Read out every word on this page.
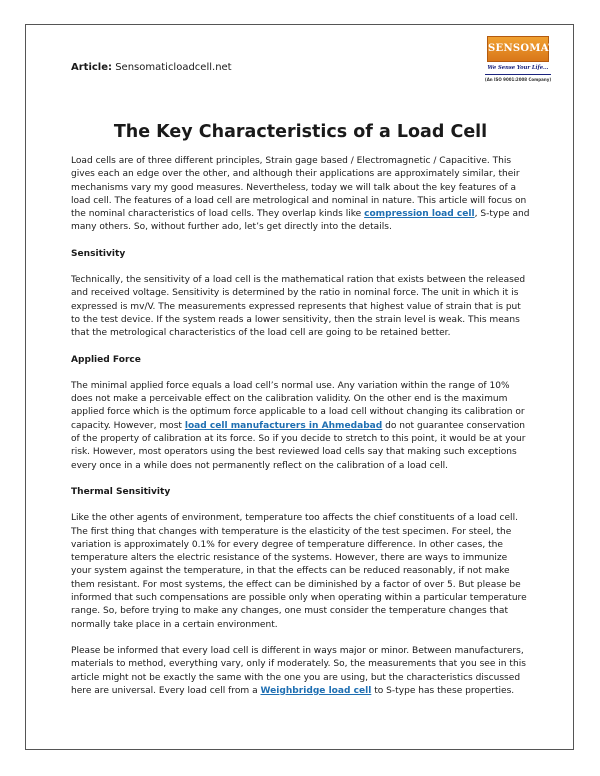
Article: Sensomaticloadcell.net
SENSOMATIC
We Sense Your Life...
(An ISO 9001:2008 Company)
The Key Characteristics of a Load Cell

Load cells are of three different principles, Strain gage based / Electromagnetic / Capacitive. This gives each an edge over the other, and although their applications are approximately similar, their mechanisms vary my good measures. Nevertheless, today we will talk about the key features of a load cell. The features of a load cell are metrological and nominal in nature. This article will focus on the nominal characteristics of load cells. They overlap kinds like compression load cell, S-type and many others. So, without further ado, let’s get directly into the details.

Sensitivity

Technically, the sensitivity of a load cell is the mathematical ration that exists between the released and received voltage. Sensitivity is determined by the ratio in nominal force. The unit in which it is expressed is mv/V. The measurements expressed represents that highest value of strain that is put to the test device. If the system reads a lower sensitivity, then the strain level is weak. This means that the metrological characteristics of the load cell are going to be retained better.

Applied Force

The minimal applied force equals a load cell’s normal use. Any variation within the range of 10% does not make a perceivable effect on the calibration validity. On the other end is the maximum applied force which is the optimum force applicable to a load cell without changing its calibration or capacity. However, most load cell manufacturers in Ahmedabad do not guarantee conservation of the property of calibration at its force. So if you decide to stretch to this point, it would be at your risk. However, most operators using the best reviewed load cells say that making such exceptions every once in a while does not permanently reflect on the calibration of a load cell.

Thermal Sensitivity

Like the other agents of environment, temperature too affects the chief constituents of a load cell. The first thing that changes with temperature is the elasticity of the test specimen. For steel, the variation is approximately 0.1% for every degree of temperature difference. In other cases, the temperature alters the electric resistance of the systems. However, there are ways to immunize your system against the temperature, in that the effects can be reduced reasonably, if not make them resistant. For most systems, the effect can be diminished by a factor of over 5. But please be informed that such compensations are possible only when operating within a particular temperature range. So, before trying to make any changes, one must consider the temperature changes that normally take place in a certain environment.

Please be informed that every load cell is different in ways major or minor. Between manufacturers, materials to method, everything vary, only if moderately. So, the measurements that you see in this article might not be exactly the same with the one you are using, but the characteristics discussed here are universal. Every load cell from a Weighbridge load cell to S-type has these properties.
